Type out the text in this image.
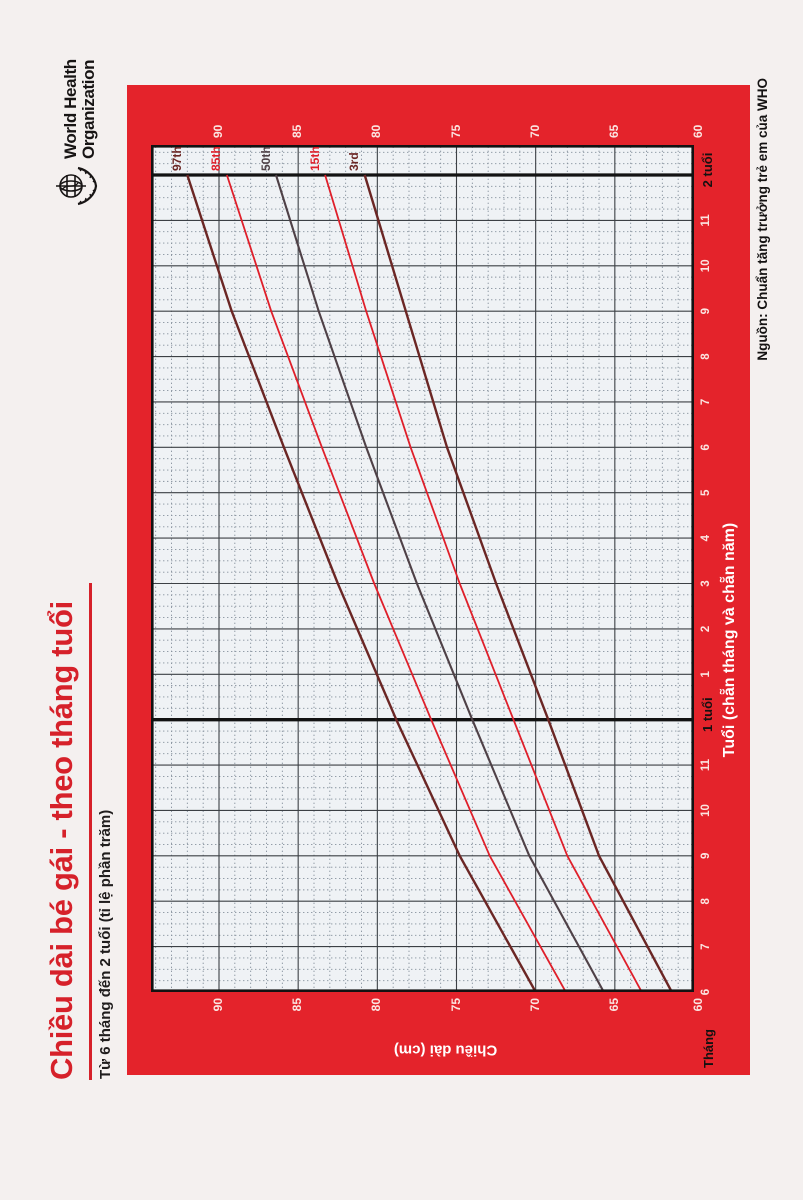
Chiều dài bé gái - theo tháng tuổi Từ 6 tháng đến 2 tuổi (tỉ lệ phần trăm)
World Health Organization
Tuổi (chẵn tháng và chẵn năm)
Chiều dài (cm)	Tháng
Nguồn: Chuẩn tăng trưởng trẻ em của WHO
90
90
85
85
80
80
75
75
70
70
65
65
60
60
6
7
8
9
10
11
1
2
3
4
5
6
7
8
9
10
11
1 tuổi
2 tuổi
97th 85th	50th	15th 3rd
